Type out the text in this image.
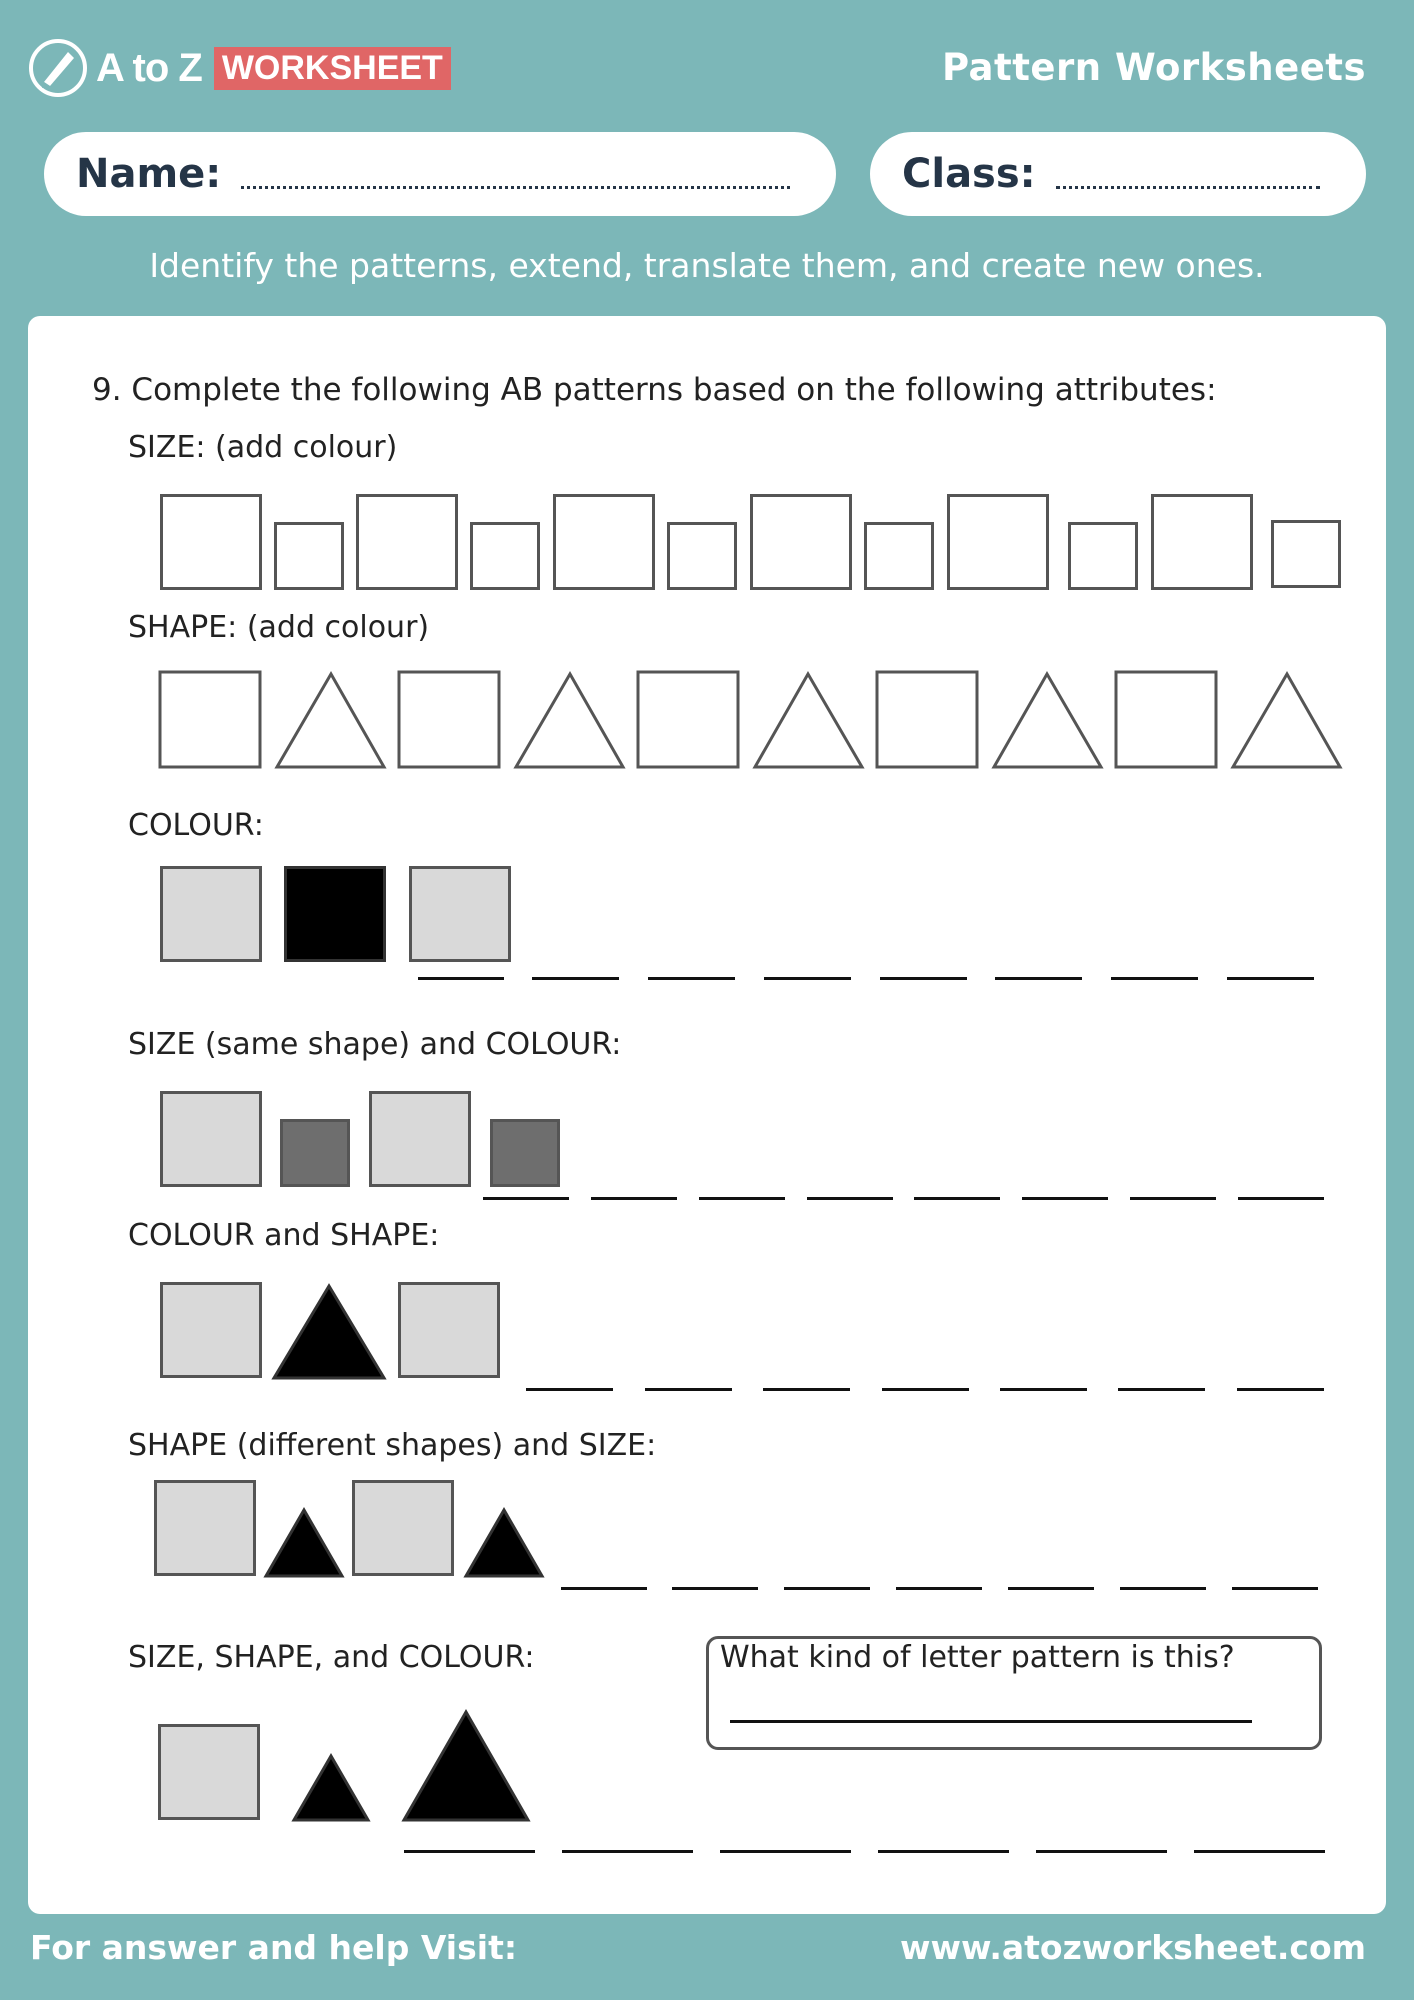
A to Z WORKSHEET	Pattern Worksheets
Name:	Class:
Identify the patterns, extend, translate them, and create new ones.
9. Complete the following AB patterns based on the following attributes:
SIZE: (add colour)
SHAPE: (add colour)
COLOUR:
SIZE (same shape) and COLOUR:
COLOUR and SHAPE:
SHAPE (different shapes) and SIZE:
SIZE, SHAPE, and COLOUR:	What kind of letter pattern is this?
For answer and help Visit:	www.atozworksheet.com
